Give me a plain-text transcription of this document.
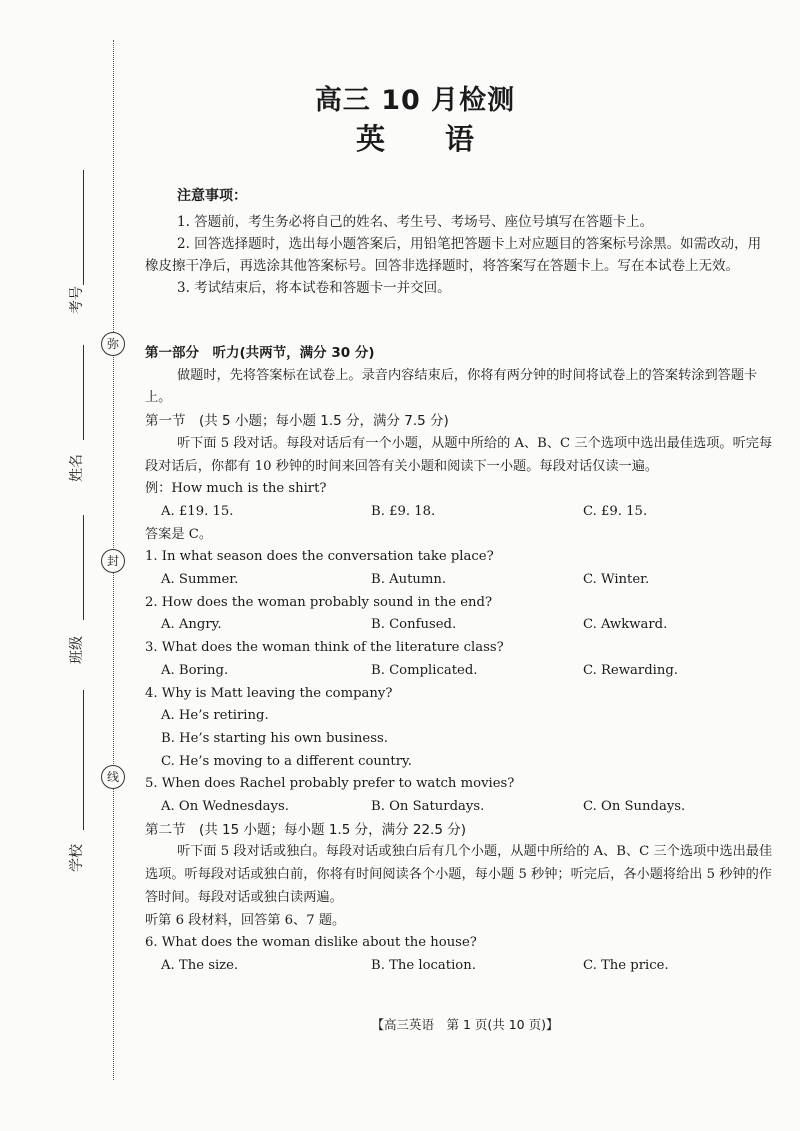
弥
封
线
考号
姓名
班级
学校
高三 10 月检测
英 语
注意事项：

1. 答题前，考生务必将自己的姓名、考生号、考场号、座位号填写在答题卡上。

2. 回答选择题时，选出每小题答案后，用铅笔把答题卡上对应题目的答案标号涂黑。如需改动，用橡皮擦干净后，再选涂其他答案标号。回答非选择题时，将答案写在答题卡上。写在本试卷上无效。

3. 考试结束后，将本试卷和答题卡一并交回。

第一部分　听力(共两节，满分 30 分)

做题时，先将答案标在试卷上。录音内容结束后，你将有两分钟的时间将试卷上的答案转涂到答题卡上。

第一节　(共 5 小题；每小题 1.5 分，满分 7.5 分)

听下面 5 段对话。每段对话后有一个小题，从题中所给的 A、B、C 三个选项中选出最佳选项。听完每段对话后，你都有 10 秒钟的时间来回答有关小题和阅读下一小题。每段对话仅读一遍。

例：How much is the shirt?

A. £19. 15.	B. £9. 18.	C. £9. 15.

答案是 C。

1. In what season does the conversation take place?

A. Summer.	B. Autumn.	C. Winter.

2. How does the woman probably sound in the end?

A. Angry.	B. Confused.	C. Awkward.

3. What does the woman think of the literature class?

A. Boring.	B. Complicated.	C. Rewarding.

4. Why is Matt leaving the company?

A. He’s retiring.

B. He’s starting his own business.

C. He’s moving to a different country.

5. When does Rachel probably prefer to watch movies?

A. On Wednesdays.	B. On Saturdays.	C. On Sundays.

第二节　(共 15 小题；每小题 1.5 分，满分 22.5 分)

听下面 5 段对话或独白。每段对话或独白后有几个小题，从题中所给的 A、B、C 三个选项中选出最佳选项。听每段对话或独白前，你将有时间阅读各个小题，每小题 5 秒钟；听完后，各小题将给出 5 秒钟的作答时间。每段对话或独白读两遍。

听第 6 段材料，回答第 6、7 题。

6. What does the woman dislike about the house?

A. The size.	B. The location.	C. The price.
【高三英语　第 1 页(共 10 页)】
